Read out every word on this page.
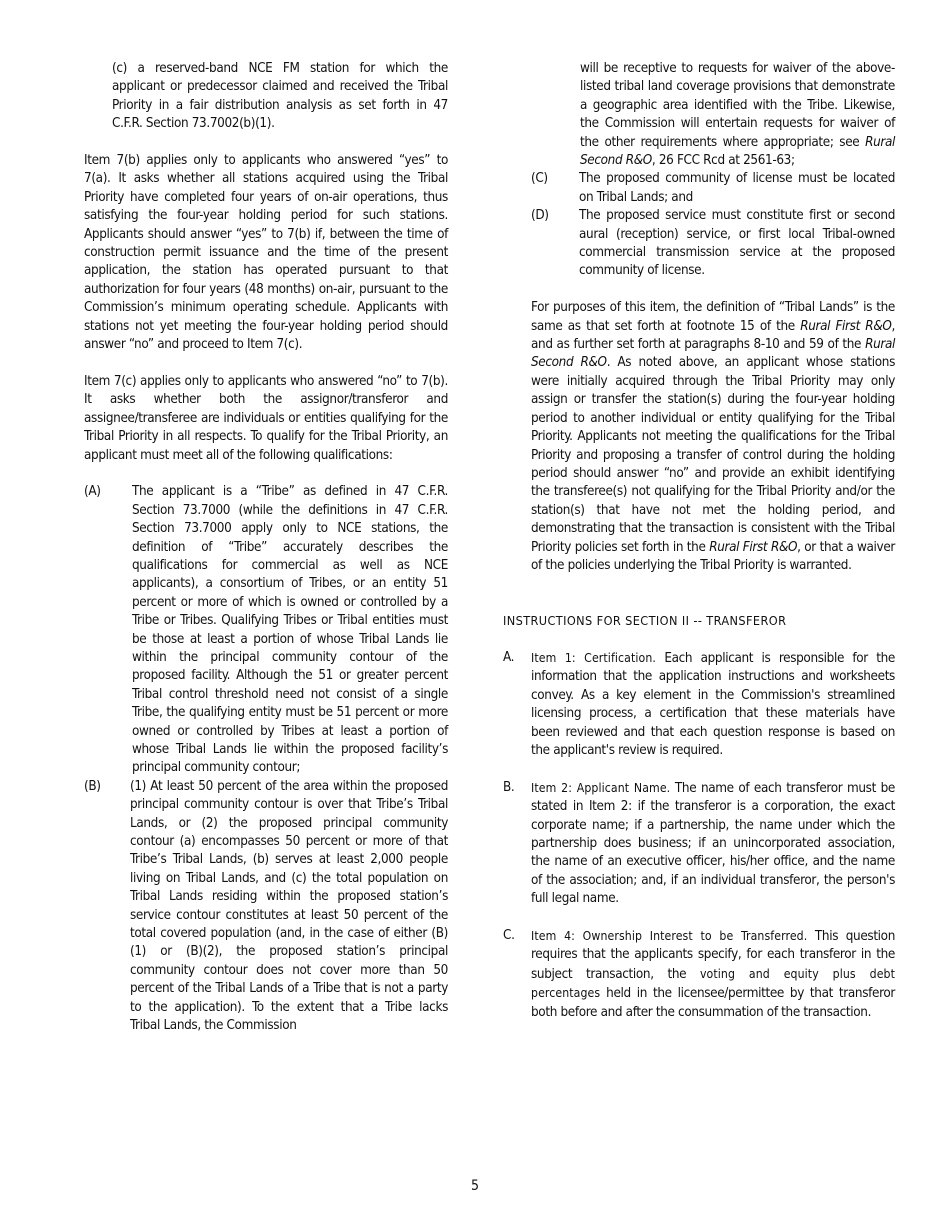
(c) a reserved-band NCE FM station for which the applicant or predecessor claimed and received the Tribal Priority in a fair distribution analysis as set forth in 47 C.F.R. Section 73.7002(b)(1).

Item 7(b) applies only to applicants who answered “yes” to 7(a). It asks whether all stations acquired using the Tribal Priority have completed four years of on-air operations, thus satisfying the four-year holding period for such stations. Applicants should answer “yes” to 7(b) if, between the time of construction permit issuance and the time of the present application, the station has operated pursuant to that authorization for four years (48 months) on-air, pursuant to the Commission’s minimum operating schedule. Applicants with stations not yet meeting the four-year holding period should answer “no” and proceed to Item 7(c).

Item 7(c) applies only to applicants who answered “no” to 7(b). It asks whether both the assignor/transferor and assignee/transferee are individuals or entities qualifying for the Tribal Priority in all respects. To qualify for the Tribal Priority, an applicant must meet all of the following qualifications:

(A)	The applicant is a “Tribe” as defined in 47 C.F.R. Section 73.7000 (while the definitions in 47 C.F.R. Section 73.7000 apply only to NCE stations, the definition of “Tribe” accurately describes the qualifications for commercial as well as NCE applicants), a consortium of Tribes, or an entity 51 percent or more of which is owned or controlled by a Tribe or Tribes. Qualifying Tribes or Tribal entities must be those at least a portion of whose Tribal Lands lie within the principal community contour of the proposed facility. Although the 51 or greater percent Tribal control threshold need not consist of a single Tribe, the qualifying entity must be 51 percent or more owned or controlled by Tribes at least a portion of whose Tribal Lands lie within the proposed facility’s principal community contour;
(B)	(1) At least 50 percent of the area within the proposed principal community contour is over that Tribe’s Tribal Lands, or (2) the proposed principal community contour (a) encompasses 50 percent or more of that Tribe’s Tribal Lands, (b) serves at least 2,000 people living on Tribal Lands, and (c) the total population on Tribal Lands residing within the proposed station’s service contour constitutes at least 50 percent of the total covered population (and, in the case of either (B)(1) or (B)(2), the proposed station’s principal community contour does not cover more than 50 percent of the Tribal Lands of a Tribe that is not a party to the application). To the extent that a Tribe lacks Tribal Lands, the Commission

will be receptive to requests for waiver of the above-listed tribal land coverage provisions that demonstrate a geographic area identified with the Tribe. Likewise, the Commission will entertain requests for waiver of the other requirements where appropriate; see Rural Second R&O, 26 FCC Rcd at 2561-63;

(C)	The proposed community of license must be located on Tribal Lands; and
(D)	The proposed service must constitute first or second aural (reception) service, or first local Tribal-owned commercial transmission service at the proposed community of license.

For purposes of this item, the definition of “Tribal Lands” is the same as that set forth at footnote 15 of the Rural First R&O, and as further set forth at paragraphs 8-10 and 59 of the Rural Second R&O. As noted above, an applicant whose stations were initially acquired through the Tribal Priority may only assign or transfer the station(s) during the four-year holding period to another individual or entity qualifying for the Tribal Priority. Applicants not meeting the qualifications for the Tribal Priority and proposing a transfer of control during the holding period should answer “no” and provide an exhibit identifying the transferee(s) not qualifying for the Tribal Priority and/or the station(s) that have not met the holding period, and demonstrating that the transaction is consistent with the Tribal Priority policies set forth in the Rural First R&O, or that a waiver of the policies underlying the Tribal Priority is warranted.

INSTRUCTIONS FOR SECTION II -- TRANSFEROR

A.	Item 1: Certification. Each applicant is responsible for the information that the application instructions and worksheets convey. As a key element in the Commission's streamlined licensing process, a certification that these materials have been reviewed and that each question response is based on the applicant's review is required.
B.	Item 2: Applicant Name. The name of each transferor must be stated in Item 2: if the transferor is a corporation, the exact corporate name; if a partnership, the name under which the partnership does business; if an unincorporated association, the name of an executive officer, his/her office, and the name of the association; and, if an individual transferor, the person's full legal name.
C.	Item 4: Ownership Interest to be Transferred. This question requires that the applicants specify, for each transferor in the subject transaction, the voting and equity plus debt percentages held in the licensee/permittee by that transferor both before and after the consummation of the transaction.
5
